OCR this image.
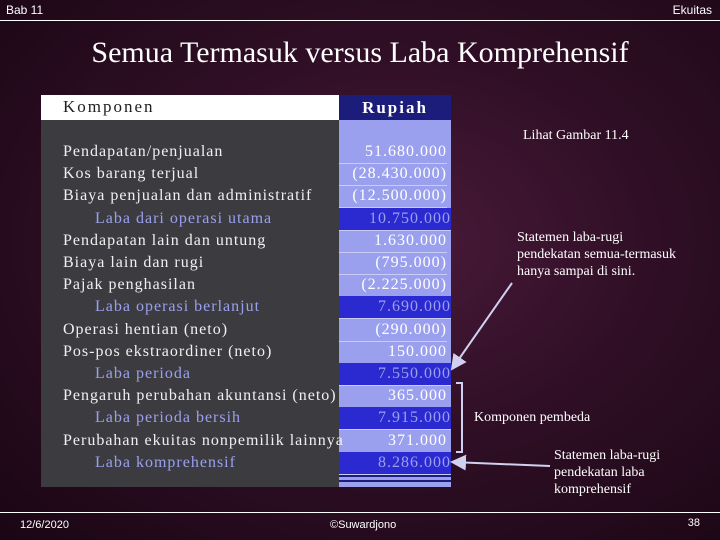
Bab 11	Ekuitas
Semua Termasuk versus Laba Komprehensif
Komponen	Rupiah
Pendapatan/penjualan	51.680.000
Kos barang terjual	(28.430.000)
Biaya penjualan dan administratif	(12.500.000)
Laba dari operasi utama	10.750.000
Pendapatan lain dan untung	1.630.000
Biaya lain dan rugi	(795.000)
Pajak penghasilan	(2.225.000)
Laba operasi berlanjut	7.690.000
Operasi hentian (neto)	(290.000)
Pos-pos ekstraordiner (neto)	150.000
Laba perioda	7.550.000
Pengaruh perubahan akuntansi (neto)	365.000
Laba perioda bersih	7.915.000
Perubahan ekuitas nonpemilik lainnya	371.000
Laba komprehensif	8.286.000
Lihat Gambar 11.4
Statemen laba-rugi
pendekatan semua-termasuk
hanya sampai di sini.
Komponen pembeda
Statemen laba-rugi
pendekatan laba
komprehensif
12/6/2020	©Suwardjono	38
